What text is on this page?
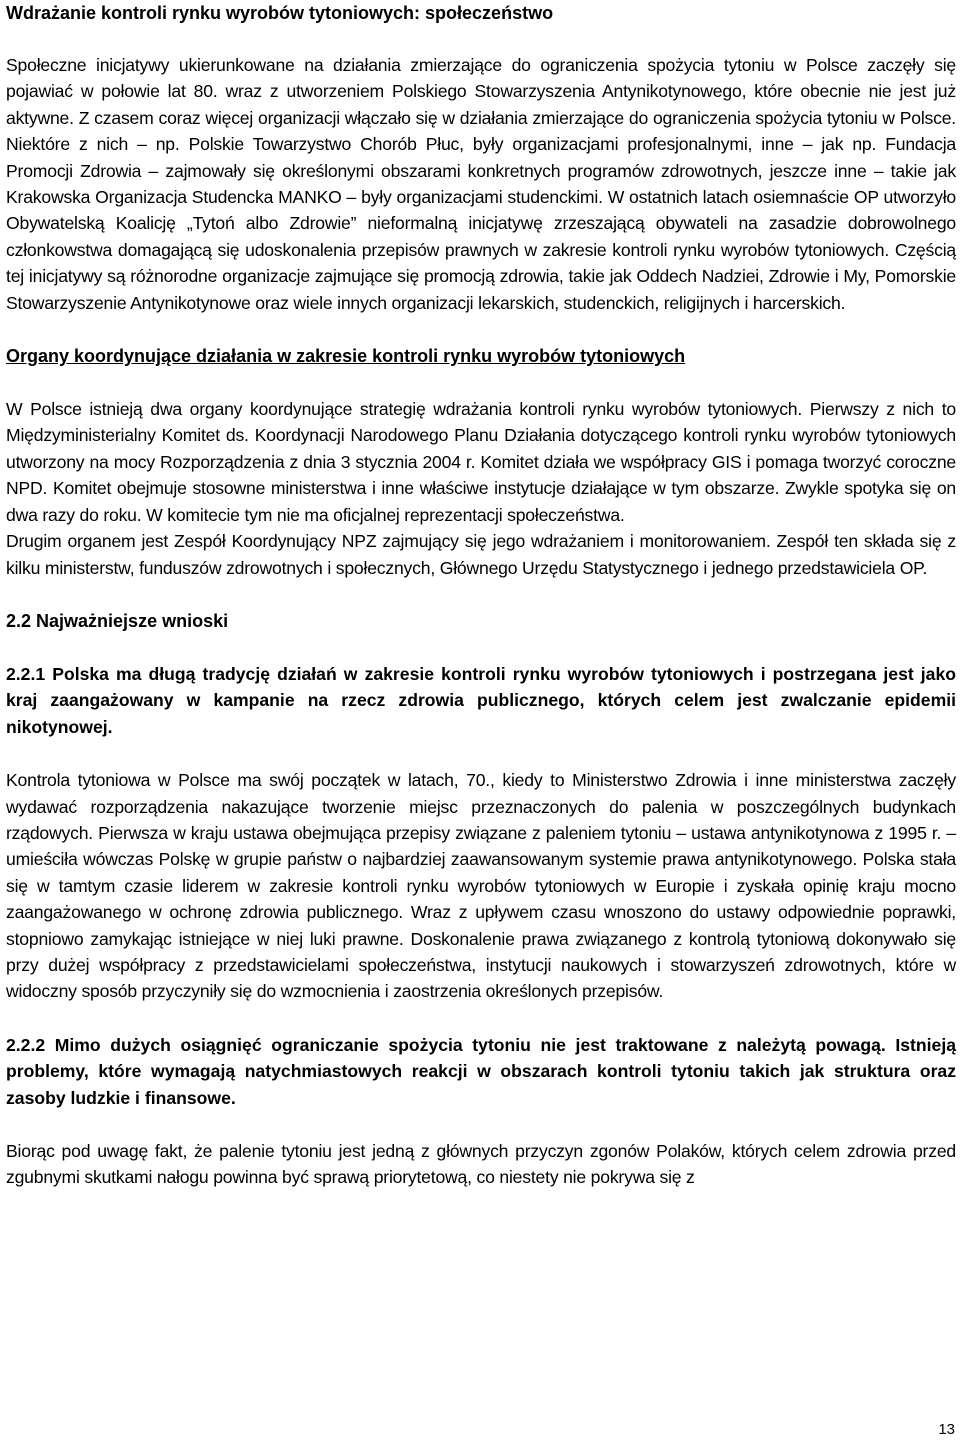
Wdrażanie kontroli rynku wyrobów tytoniowych: społeczeństwo

Społeczne inicjatywy ukierunkowane na działania zmierzające do ograniczenia spożycia tytoniu w Polsce zaczęły się pojawiać w połowie lat 80. wraz z utworzeniem Polskiego Stowarzyszenia Antynikotynowego, które obecnie nie jest już aktywne. Z czasem coraz więcej organizacji włączało się w działania zmierzające do ograniczenia spożycia tytoniu w Polsce. Niektóre z nich – np. Polskie Towarzystwo Chorób Płuc, były organizacjami profesjonalnymi, inne – jak np. Fundacja Promocji Zdrowia – zajmowały się określonymi obszarami konkretnych programów zdrowotnych, jeszcze inne – takie jak Krakowska Organizacja Studencka MANKO – były organizacjami studenckimi. W ostatnich latach osiemnaście OP utworzyło Obywatelską Koalicję „Tytoń albo Zdrowie” nieformalną inicjatywę zrzeszającą obywateli na zasadzie dobrowolnego członkowstwa domagającą się udoskonalenia przepisów prawnych w zakresie kontroli rynku wyrobów tytoniowych. Częścią tej inicjatywy są różnorodne organizacje zajmujące się promocją zdrowia, takie jak Oddech Nadziei, Zdrowie i My, Pomorskie Stowarzyszenie Antynikotynowe oraz wiele innych organizacji lekarskich, studenckich, religijnych i harcerskich.

Organy koordynujące działania w zakresie kontroli rynku wyrobów tytoniowych

W Polsce istnieją dwa organy koordynujące strategię wdrażania kontroli rynku wyrobów tytoniowych. Pierwszy z nich to Międzyministerialny Komitet ds. Koordynacji Narodowego Planu Działania dotyczącego kontroli rynku wyrobów tytoniowych utworzony na mocy Rozporządzenia z dnia 3 stycznia 2004 r. Komitet działa we współpracy GIS i pomaga tworzyć coroczne NPD. Komitet obejmuje stosowne ministerstwa i inne właściwe instytucje działające w tym obszarze. Zwykle spotyka się on dwa razy do roku. W komitecie tym nie ma oficjalnej reprezentacji społeczeństwa.

Drugim organem jest Zespół Koordynujący NPZ zajmujący się jego wdrażaniem i monitorowaniem. Zespół ten składa się z kilku ministerstw, funduszów zdrowotnych i społecznych, Głównego Urzędu Statystycznego i jednego przedstawiciela OP.

2.2 Najważniejsze wnioski
2.2.1 Polska ma długą tradycję działań w zakresie kontroli rynku wyrobów tytoniowych i postrzegana jest jako kraj zaangażowany w kampanie na rzecz zdrowia publicznego, których celem jest zwalczanie epidemii nikotynowej.

Kontrola tytoniowa w Polsce ma swój początek w latach, 70., kiedy to Ministerstwo Zdrowia i inne ministerstwa zaczęły wydawać rozporządzenia nakazujące tworzenie miejsc przeznaczonych do palenia w poszczególnych budynkach rządowych. Pierwsza w kraju ustawa obejmująca przepisy związane z paleniem tytoniu – ustawa antynikotynowa z 1995 r. – umieściła wówczas Polskę w grupie państw o najbardziej zaawansowanym systemie prawa antynikotynowego. Polska stała się w tamtym czasie liderem w zakresie kontroli rynku wyrobów tytoniowych w Europie i zyskała opinię kraju mocno zaangażowanego w ochronę zdrowia publicznego. Wraz z upływem czasu wnoszono do ustawy odpowiednie poprawki, stopniowo zamykając istniejące w niej luki prawne. Doskonalenie prawa związanego z kontrolą tytoniową dokonywało się przy dużej współpracy z przedstawicielami społeczeństwa, instytucji naukowych i stowarzyszeń zdrowotnych, które w widoczny sposób przyczyniły się do wzmocnienia i zaostrzenia określonych przepisów.

2.2.2 Mimo dużych osiągnięć ograniczanie spożycia tytoniu nie jest traktowane z należytą powagą. Istnieją problemy, które wymagają natychmiastowych reakcji w obszarach kontroli tytoniu takich jak struktura oraz zasoby ludzkie i finansowe.

Biorąc pod uwagę fakt, że palenie tytoniu jest jedną z głównych przyczyn zgonów Polaków, których celem zdrowia przed zgubnymi skutkami nałogu powinna być sprawą priorytetową, co niestety nie pokrywa się z

13
